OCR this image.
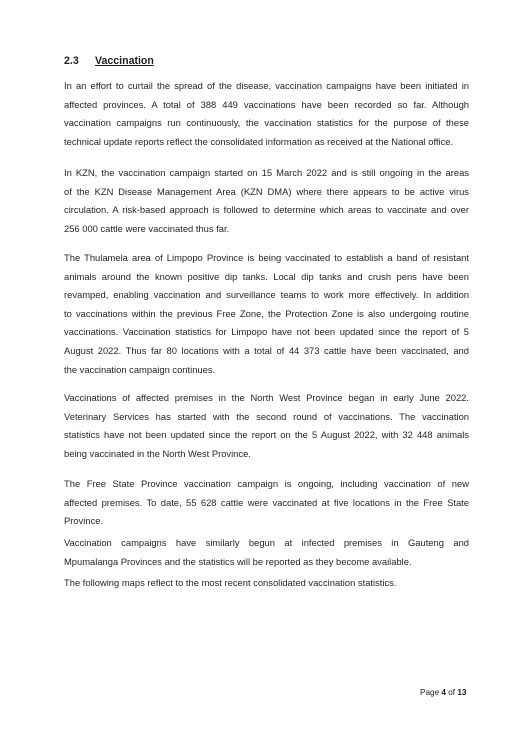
2.3 Vaccination

In an effort to curtail the spread of the disease, vaccination campaigns have been initiated in
affected provinces. A total of 388 449 vaccinations have been recorded so far. Although
vaccination campaigns run continuously, the vaccination statistics for the purpose of these
technical update reports reflect the consolidated information as received at the National office.

In KZN, the vaccination campaign started on 15 March 2022 and is still ongoing in the areas
of the KZN Disease Management Area (KZN DMA) where there appears to be active virus
circulation. A risk-based approach is followed to determine which areas to vaccinate and over
256 000 cattle were vaccinated thus far.

The Thulamela area of Limpopo Province is being vaccinated to establish a band of resistant
animals around the known positive dip tanks. Local dip tanks and crush pens have been
revamped, enabling vaccination and surveillance teams to work more effectively. In addition
to vaccinations within the previous Free Zone, the Protection Zone is also undergoing routine
vaccinations. Vaccination statistics for Limpopo have not been updated since the report of 5
August 2022. Thus far 80 locations with a total of 44 373 cattle have been vaccinated, and
the vaccination campaign continues.

Vaccinations of affected premises in the North West Province began in early June 2022.
Veterinary Services has started with the second round of vaccinations. The vaccination
statistics have not been updated since the report on the 5 August 2022, with 32 448 animals
being vaccinated in the North West Province.

The Free State Province vaccination campaign is ongoing, including vaccination of new
affected premises. To date, 55 628 cattle were vaccinated at five locations in the Free State
Province.

Vaccination campaigns have similarly begun at infected premises in Gauteng and
Mpumalanga Provinces and the statistics will be reported as they become available.

The following maps reflect to the most recent consolidated vaccination statistics.

Page 4 of 13
